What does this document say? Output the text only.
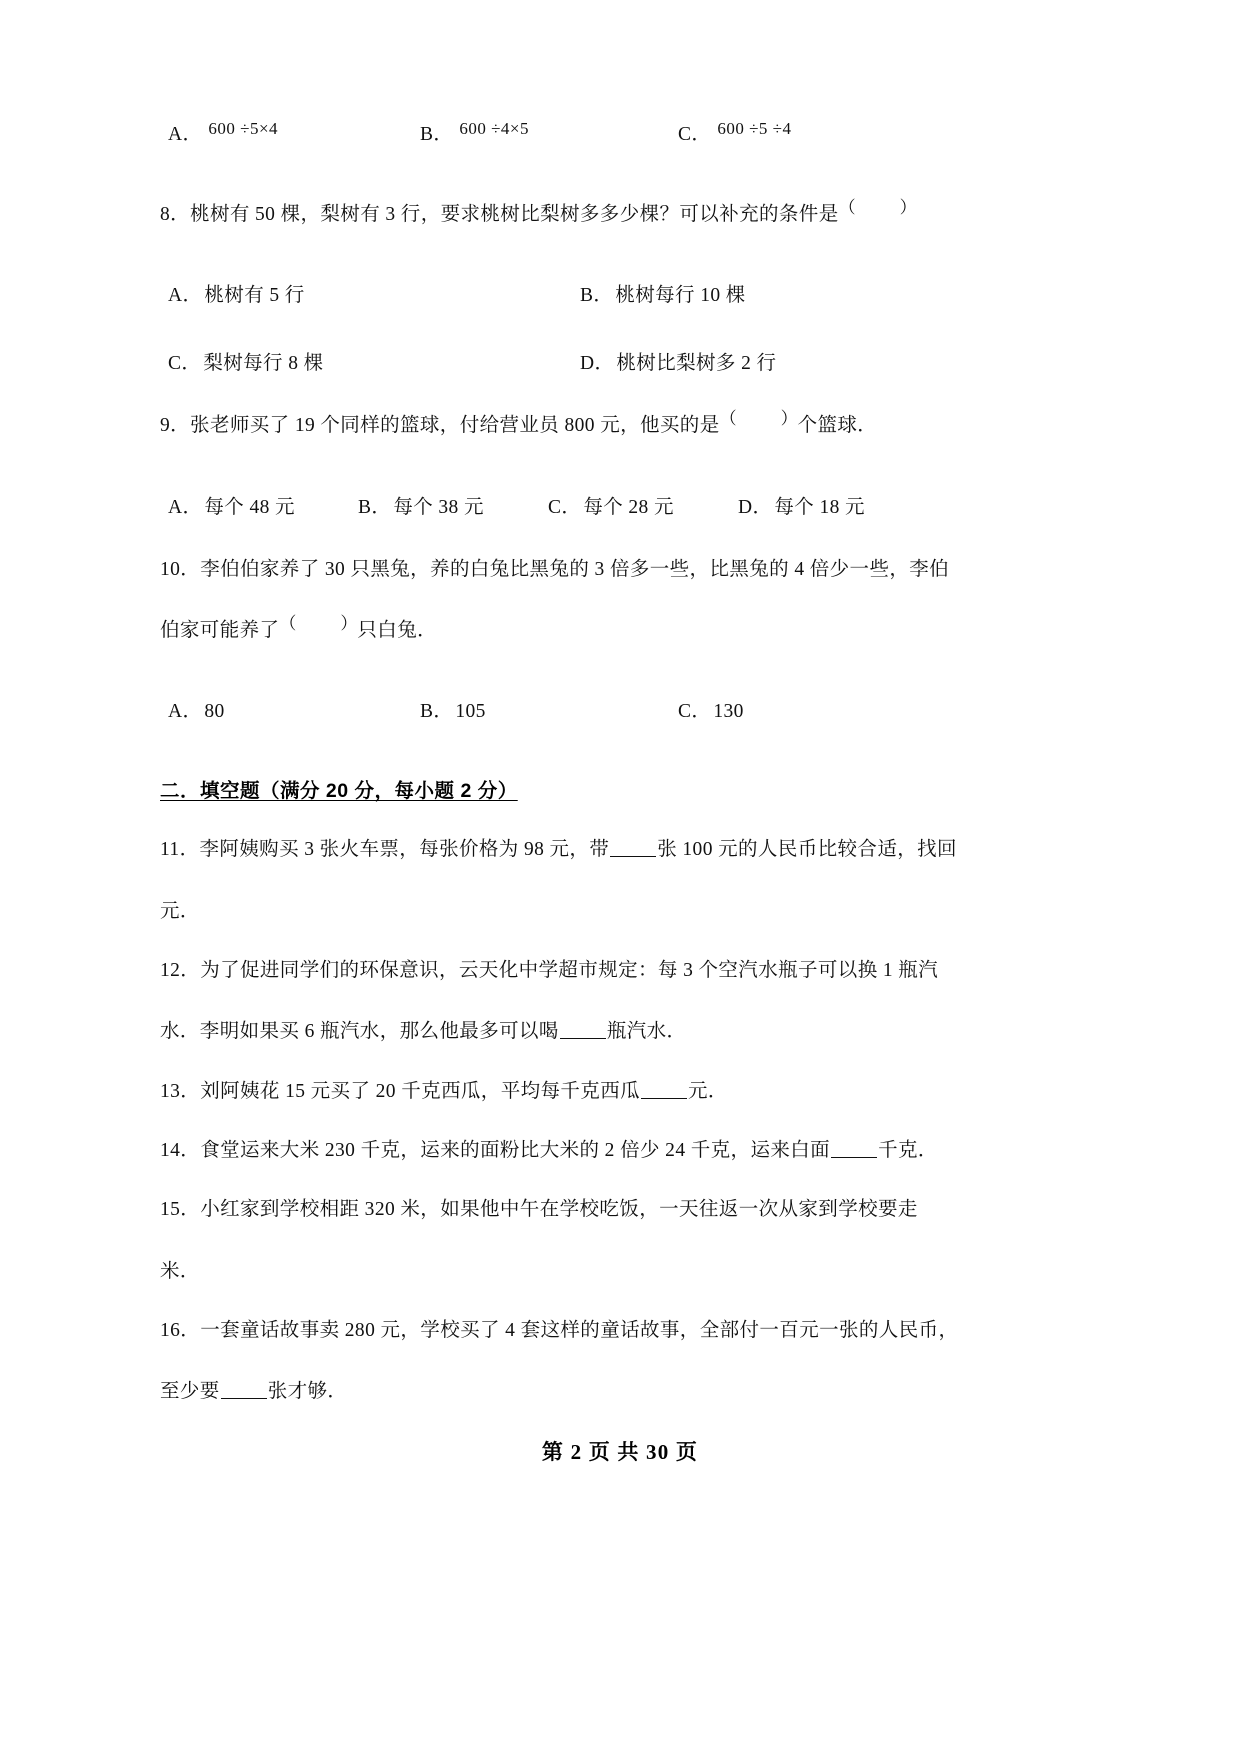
A． 600 ÷5×4	B． 600 ÷4×5	C． 600 ÷5 ÷4
8．桃树有 50 棵，梨树有 3 行，要求桃树比梨树多多少棵？可以补充的条件是（	）
A． 桃树有 5 行	B． 桃树每行 10 棵
C． 梨树每行 8 棵	D． 桃树比梨树多 2 行
9．张老师买了 19 个同样的篮球，付给营业员 800 元，他买的是（	）个篮球．
A． 每个 48 元	B． 每个 38 元	C． 每个 28 元	D． 每个 18 元
10．李伯伯家养了 30 只黑兔，养的白兔比黑兔的 3 倍多一些，比黑兔的 4 倍少一些，李伯
伯家可能养了（	）只白兔．
A． 80	B． 105	C． 130
二．填空题（满分 20 分，每小题 2 分）
11．李阿姨购买 3 张火车票，每张价格为 98 元，带 张 100 元的人民币比较合适，找回
元．
12．为了促进同学们的环保意识，云天化中学超市规定：每 3 个空汽水瓶子可以换 1 瓶汽
水．李明如果买 6 瓶汽水，那么他最多可以喝 瓶汽水．
13．刘阿姨花 15 元买了 20 千克西瓜，平均每千克西瓜 元．
14．食堂运来大米 230 千克，运来的面粉比大米的 2 倍少 24 千克，运来白面 千克．
15．小红家到学校相距 320 米，如果他中午在学校吃饭，一天往返一次从家到学校要走
米．
16．一套童话故事卖 280 元，学校买了 4 套这样的童话故事，全部付一百元一张的人民币，
至少要 张才够．
第 2 页 共 30 页
